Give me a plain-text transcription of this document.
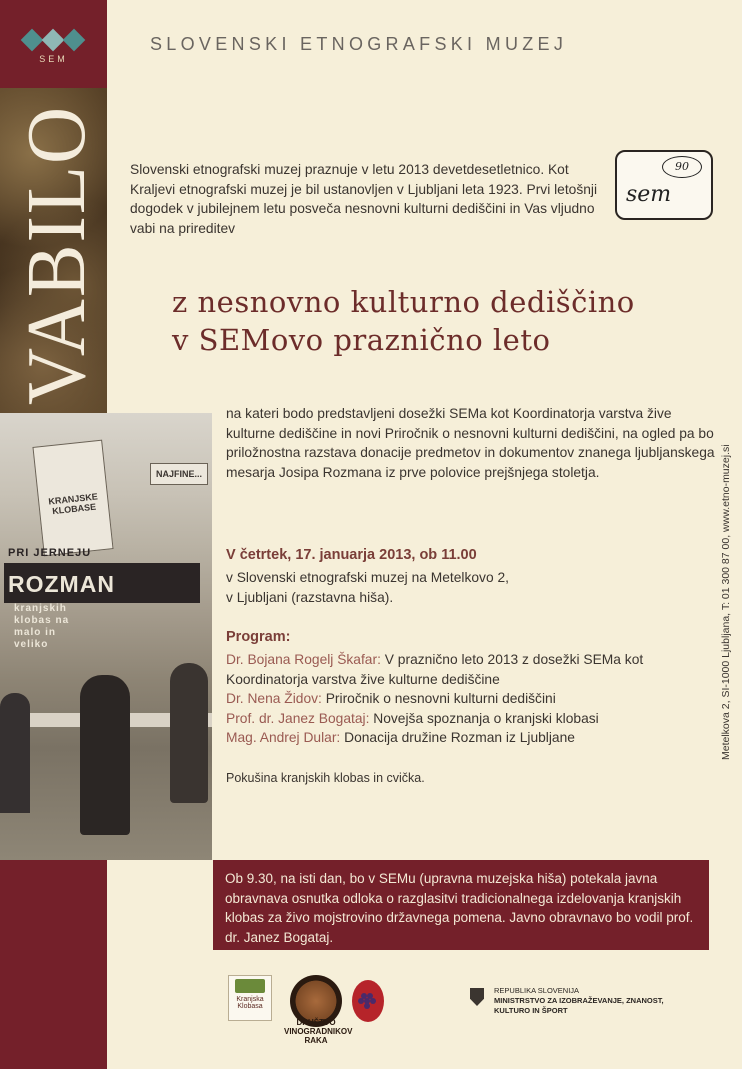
SEM
VABILO
KRANJSKE KLOBASE
NAJFINE...
PRI JERNEJU
ROZMAN kranjskih klobas na malo in veliko
SLOVENSKI ETNOGRAFSKI MUZEJ
Slovenski etnografski muzej praznuje v letu 2013 devetdesetletnico. Kot Kraljevi etnografski muzej je bil ustanovljen v Ljubljani leta 1923. Prvi letošnji dogodek v jubilejnem letu posveča nesnovni kulturni dediščini in Vas vljudno vabi na prireditev
sem
90
z nesnovno kulturno dediščino
v SEMovo praznično leto
na kateri bodo predstavljeni dosežki SEMa kot Koordinatorja varstva žive kulturne dediščine in novi Priročnik o nesnovni kulturni dediščini, na ogled pa bo priložnostna razstava donacije predmetov in dokumentov znanega ljubljanskega mesarja Josipa Rozmana iz prve polovice prejšnjega stoletja.
V četrtek, 17. januarja 2013, ob 11.00
v Slovenski etnografski muzej na Metelkovo 2,
v Ljubljani (razstavna hiša).
Program:
Dr. Bojana Rogelj Škafar: V praznično leto 2013 z dosežki SEMa kot Koordinatorja varstva žive kulturne dediščine
Dr. Nena Židov: Priročnik o nesnovni kulturni dediščini
Prof. dr. Janez Bogataj: Novejša spoznanja o kranjski klobasi
Mag. Andrej Dular: Donacija družine Rozman iz Ljubljane
Pokušina kranjskih klobas in cvička.
Ob 9.30, na isti dan, bo v SEMu (upravna muzejska hiša) potekala javna obravnava osnutka odloka o razglasitvi tradicionalnega izdelovanja kranjskih klobas za živo mojstrovino državnega pomena. Javno obravnavo bo vodil prof. dr. Janez Bogataj.
Metelkova 2, SI-1000 Ljubljana, T: 01 300 87 00, www.etno-muzej.si
Kranjska Klobasa
DRUŠTVO VINOGRADNIKOV RAKA
REPUBLIKA SLOVENIJA
MINISTRSTVO ZA IZOBRAŽEVANJE, ZNANOST,
KULTURO IN ŠPORT
